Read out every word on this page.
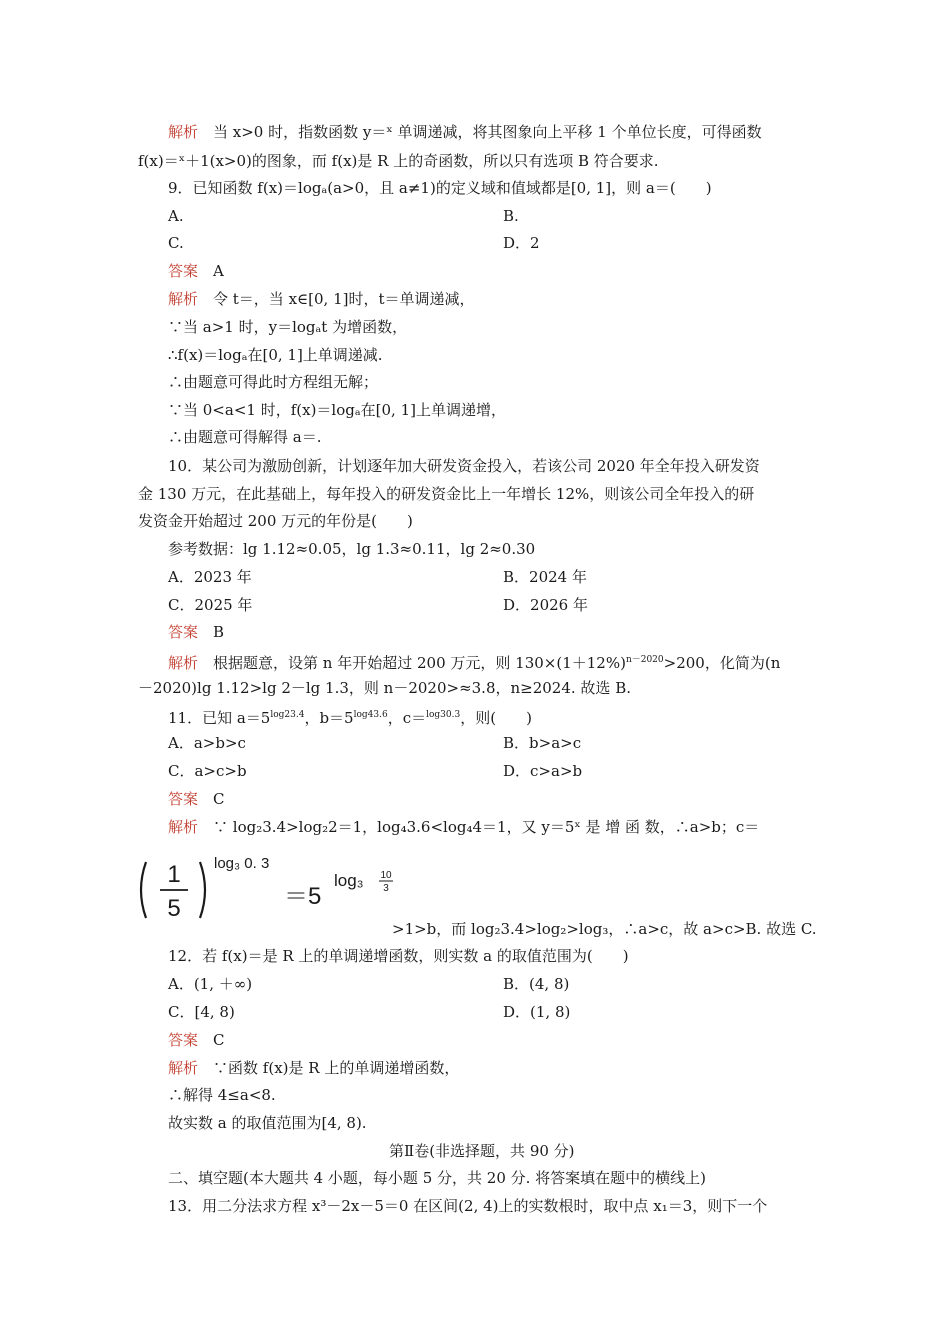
解析　当 x>0 时，指数函数 y＝ˣ 单调递减，将其图象向上平移 1 个单位长度，可得函数
f(x)＝ˣ＋1(x>0)的图象，而 f(x)是 R 上的奇函数，所以只有选项 B 符合要求.
9．已知函数 f(x)＝logₐ(a>0，且 a≠1)的定义域和值域都是[0, 1]，则 a＝(　　)
A.	B.
C.	D．2
答案　 A
解析　令 t＝，当 x∈[0, 1]时，t＝单调递减，
∵当 a>1 时，y＝logₐt 为增函数，
∴f(x)＝logₐ在[0, 1]上单调递减.
∴由题意可得此时方程组无解；
∵当 0<a<1 时，f(x)＝logₐ在[0, 1]上单调递增，
∴由题意可得解得 a＝.
10．某公司为激励创新，计划逐年加大研发资金投入，若该公司 2020 年全年投入研发资
金 130 万元，在此基础上，每年投入的研发资金比上一年增长 12%，则该公司全年投入的研
发资金开始超过 200 万元的年份是(　　)
参考数据：lg 1.12≈0.05，lg 1.3≈0.11，lg 2≈0.30
A．2023 年	B．2024 年
C．2025 年	D．2026 年
答案　 B
解析　根据题意，设第 n 年开始超过 200 万元，则 $130\times(1+12\%)^{n-2020}>200$，化简为(n
－2020)lg 1.12>lg 2－lg 1.3，则 n－2020>≈3.8，n≥2024. 故选 B.
11．已知 $a=5^{log23.4}$，$b=5^{log43.6}$，c＝$^{log30.3}$，则(　　)
A．a>b>c	B．b>a>c
C．a>c>b	D．c>a>b
答案　 C
解析　∵ log₂3.4>log₂2＝1，log₄3.6<log₄4＝1，又 y＝5ˣ 是 增 函 数，∴a>b；c＝
1
5
log₃ 0. 3
＝5
log₃ 10
3
>1>b，而 log₂3.4>log₂>log₃，∴a>c，故 a>c>B. 故选 C.
12．若 f(x)＝是 R 上的单调递增函数，则实数 a 的取值范围为(　　)
A．(1, ＋∞)	B．(4, 8)
C．[4, 8)	D．(1, 8)
答案　 C
解析　∵函数 f(x)是 R 上的单调递增函数，
∴解得 4≤a<8.
故实数 a 的取值范围为[4, 8).
第Ⅱ卷(非选择题，共 90 分)
二、填空题(本大题共 4 小题，每小题 5 分，共 20 分. 将答案填在题中的横线上)
13．用二分法求方程 x³－2x－5＝0 在区间(2, 4)上的实数根时，取中点 x₁＝3，则下一个
